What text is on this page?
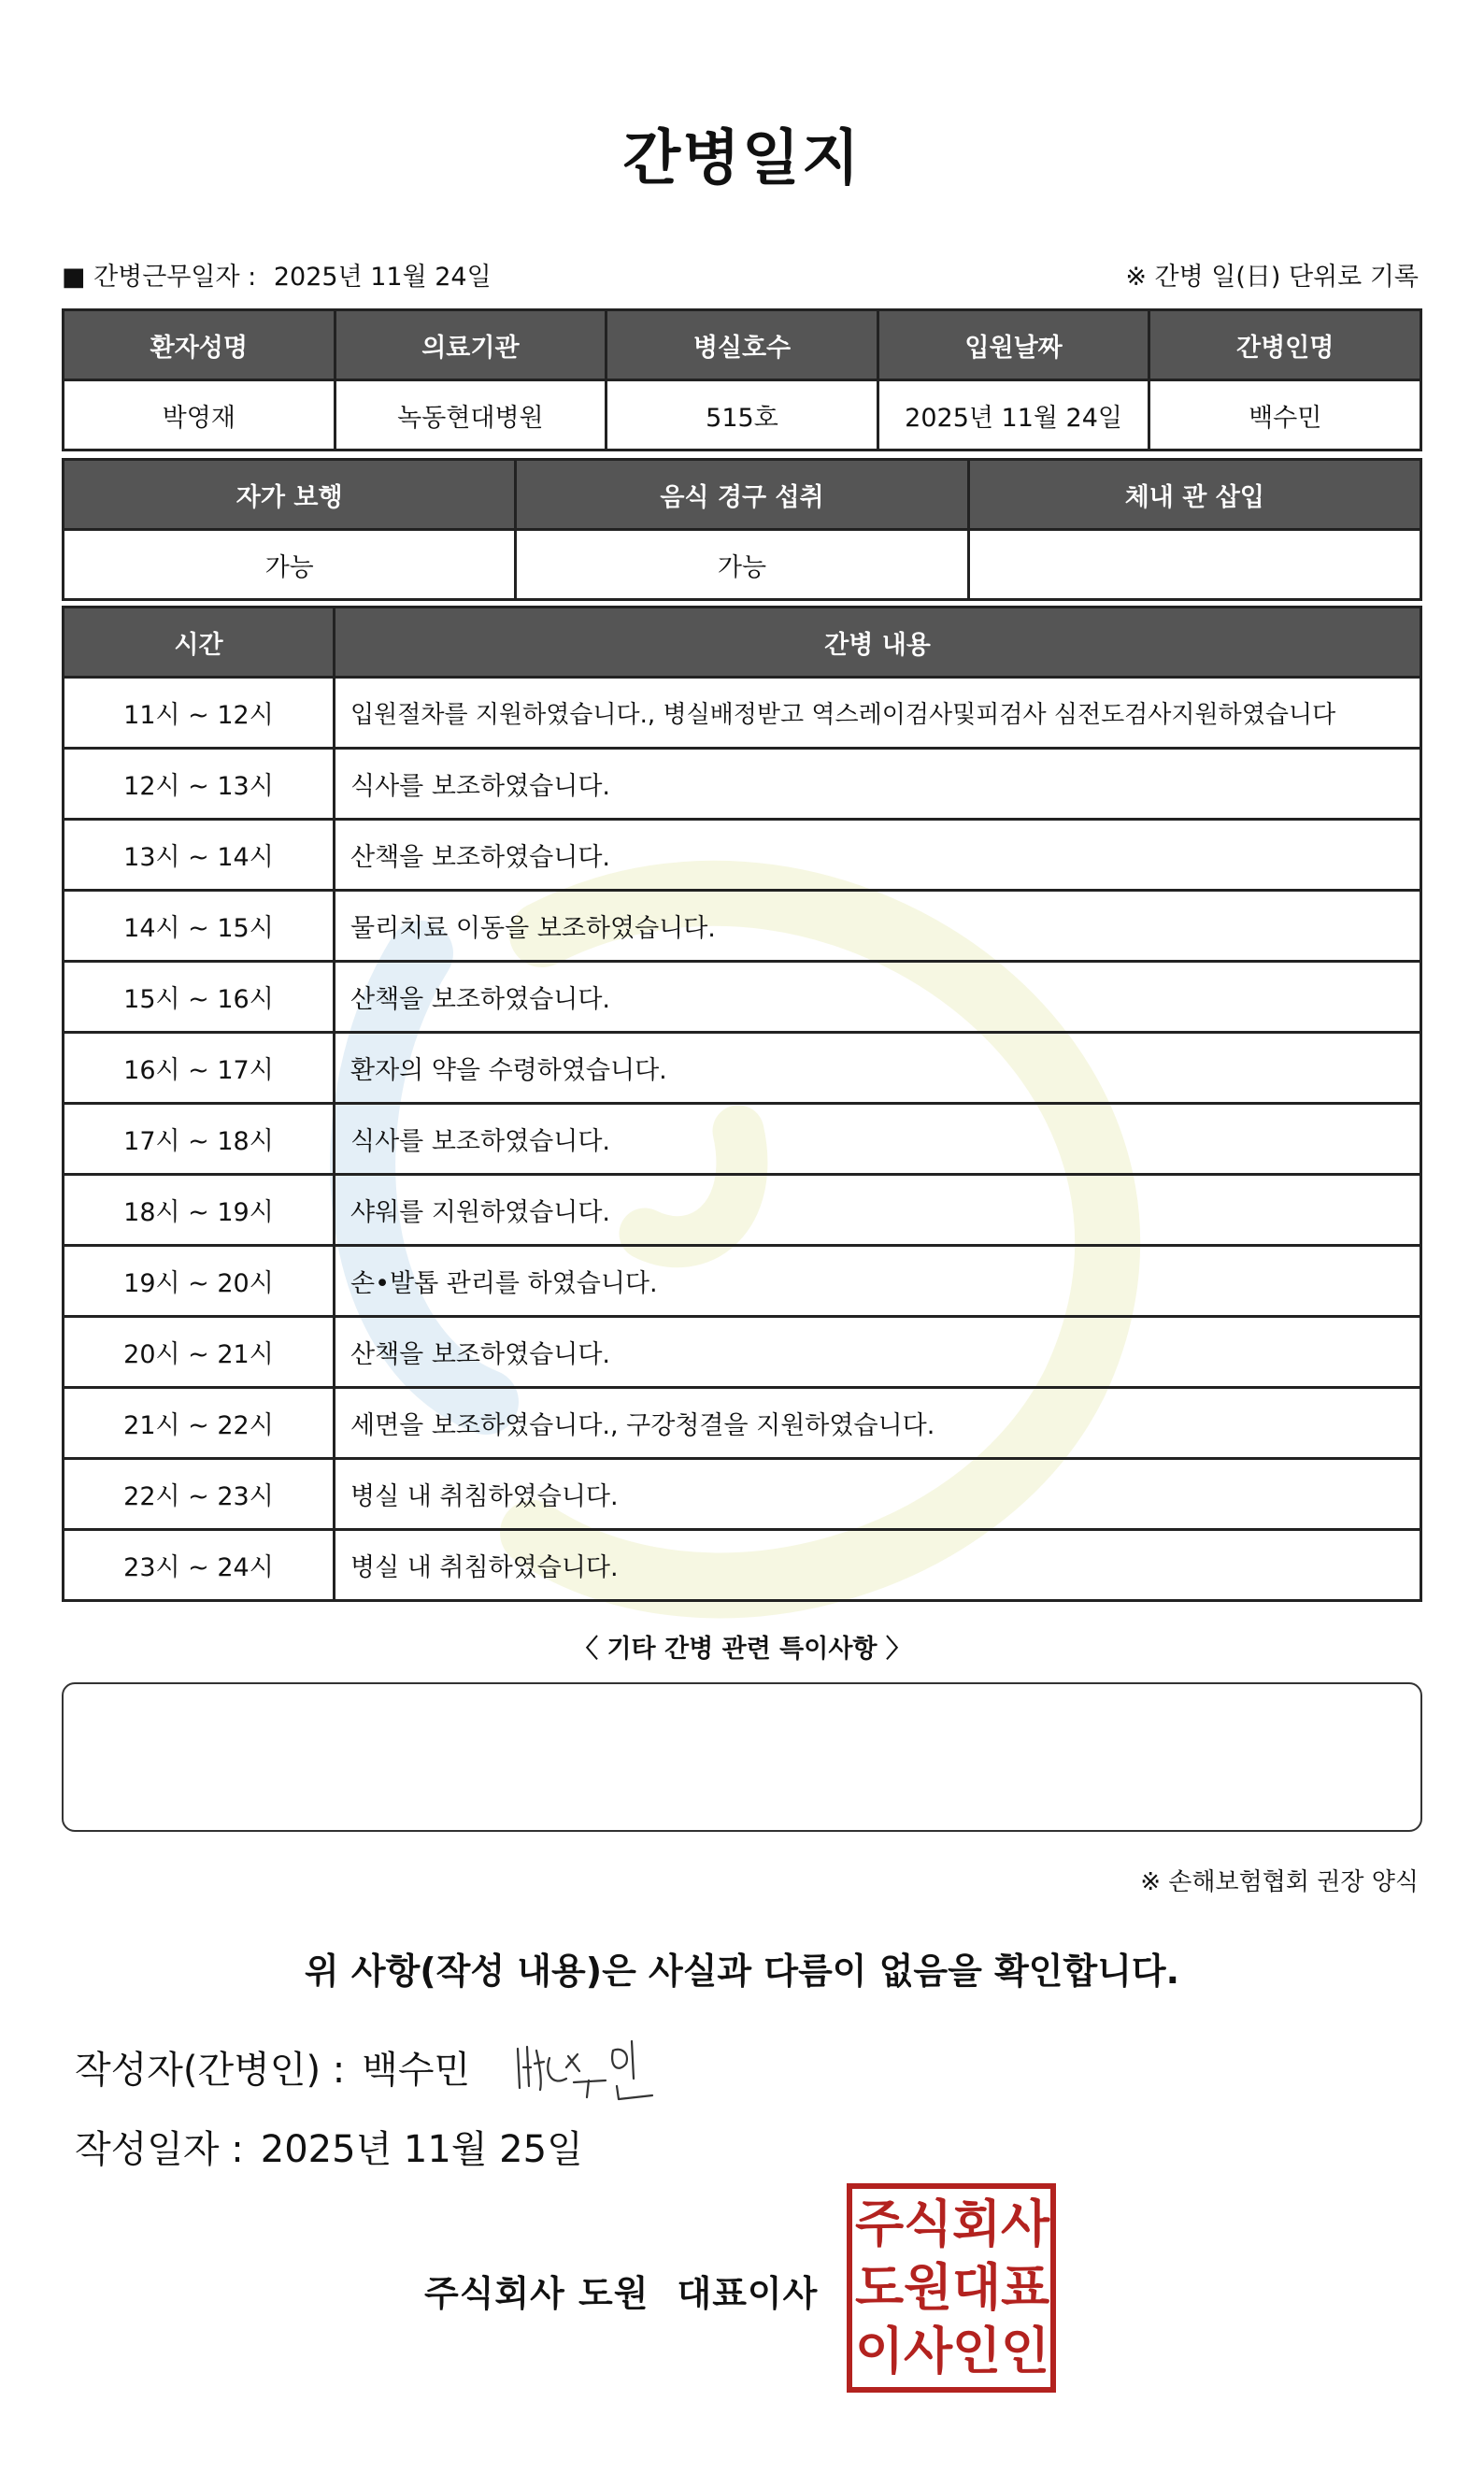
간병일지
■ 간병근무일자 : 2025년 11월 24일	※ 간병 일(日) 단위로 기록
환자성명	의료기관	병실호수	입원날짜	간병인명
박영재	녹동현대병원	515호	2025년 11월 24일	백수민
자가 보행	음식 경구 섭취	체내 관 삽입
가능	가능	
시간	간병 내용
11시 ~ 12시	입원절차를 지원하였습니다., 병실배정받고 역스레이검사및피검사 심전도검사지원하였습니다
12시 ~ 13시	식사를 보조하였습니다.
13시 ~ 14시	산책을 보조하였습니다.
14시 ~ 15시	물리치료 이동을 보조하였습니다.
15시 ~ 16시	산책을 보조하였습니다.
16시 ~ 17시	환자의 약을 수령하였습니다.
17시 ~ 18시	식사를 보조하였습니다.
18시 ~ 19시	샤워를 지원하였습니다.
19시 ~ 20시	손•발톱 관리를 하였습니다.
20시 ~ 21시	산책을 보조하였습니다.
21시 ~ 22시	세면을 보조하였습니다., 구강청결을 지원하였습니다.
22시 ~ 23시	병실 내 취침하였습니다.
23시 ~ 24시	병실 내 취침하였습니다.
〈 기타 간병 관련 특이사항 〉
※ 손해보험협회 권장 양식
위 사항(작성 내용)은 사실과 다름이 없음을 확인합니다.
작성자(간병인) : 백수민
작성일자 : 2025년 11월 25일
주식회사 도원 대표이사
주 식 회 사
도 원 대 표
이 사 인 인
